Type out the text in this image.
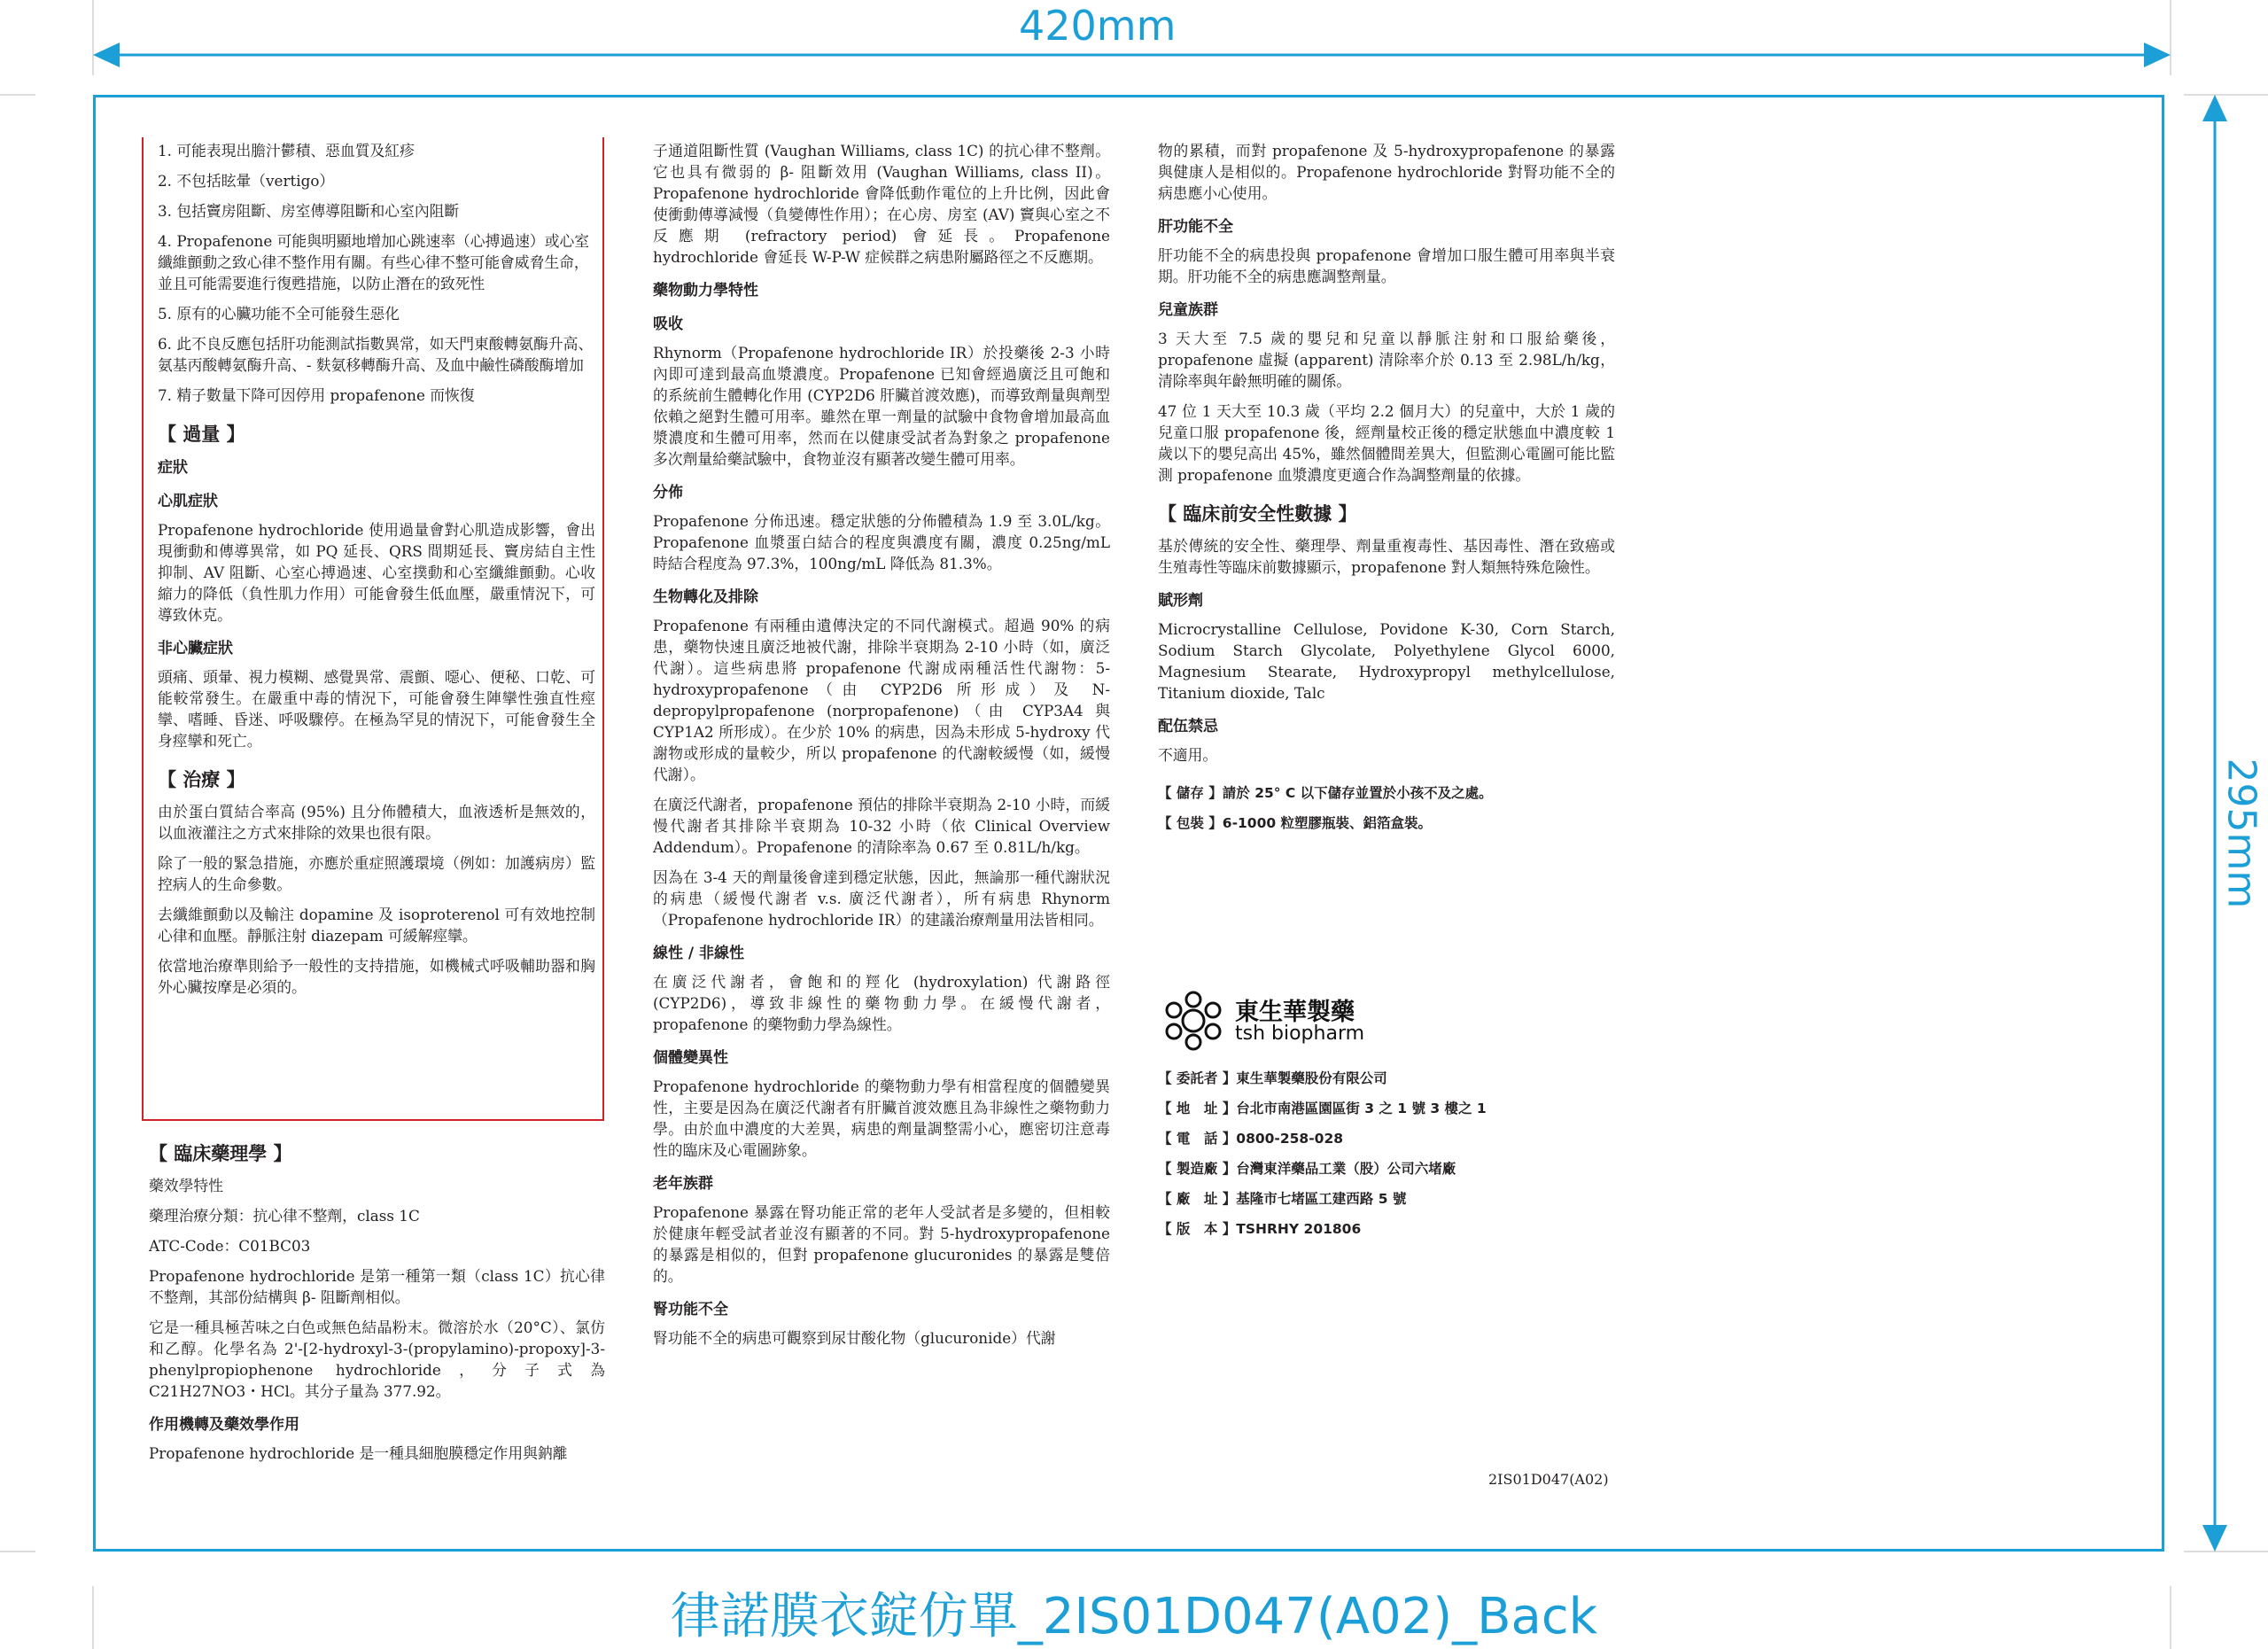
420mm
295mm
1. 可能表現出膽汁鬱積、惡血質及紅疹
2. 不包括眩暈（vertigo）
3. 包括竇房阻斷、房室傳導阻斷和心室內阻斷
4. Propafenone 可能與明顯地增加心跳速率（心搏過速）或心室纖維顫動之致心律不整作用有關。有些心律不整可能會威脅生命，並且可能需要進行復甦措施，以防止潛在的致死性
5. 原有的心臟功能不全可能發生惡化
6. 此不良反應包括肝功能測試指數異常，如天門東酸轉氨酶升高、氨基丙酸轉氨酶升高、- 麩氨移轉酶升高、及血中鹼性磷酸酶增加
7. 精子數量下降可因停用 propafenone 而恢復
【 過量 】
症狀
心肌症狀

Propafenone hydrochloride 使用過量會對心肌造成影響，會出現衝動和傳導異常，如 PQ 延長、QRS 間期延長、竇房結自主性抑制、AV 阻斷、心室心搏過速、心室撲動和心室纖維顫動。心收縮力的降低（負性肌力作用）可能會發生低血壓，嚴重情況下，可導致休克。

非心臟症狀

頭痛、頭暈、視力模糊、感覺異常、震顫、噁心、便秘、口乾、可能較常發生。在嚴重中毒的情況下，可能會發生陣攣性強直性痙攣、嗜睡、昏迷、呼吸驟停。在極為罕見的情況下，可能會發生全身痙攣和死亡。

【 治療 】

由於蛋白質結合率高 (95%) 且分佈體積大，血液透析是無效的，以血液灌注之方式來排除的效果也很有限。

除了一般的緊急措施，亦應於重症照護環境（例如：加護病房）監控病人的生命參數。

去纖維顫動以及輸注 dopamine 及 isoproterenol 可有效地控制心律和血壓。靜脈注射 diazepam 可緩解痙攣。

依當地治療準則給予一般性的支持措施，如機械式呼吸輔助器和胸外心臟按摩是必須的。

【 臨床藥理學 】

藥效學特性

藥理治療分類：抗心律不整劑，class 1C

ATC-Code：C01BC03

Propafenone hydrochloride 是第一種第一類（class 1C）抗心律不整劑，其部份結構與 β- 阻斷劑相似。

它是一種具極苦味之白色或無色結晶粉末。微溶於水（20°C）、氯仿和乙醇。化學名為 2'-[2-hydroxyl-3-(propylamino)-propoxy]-3-phenylpropiophenone hydrochloride，分子式為 C21H27NO3・HCl。其分子量為 377.92。

作用機轉及藥效學作用

Propafenone hydrochloride 是一種具細胞膜穩定作用與鈉離

子通道阻斷性質 (Vaughan Williams, class 1C) 的抗心律不整劑。它也具有微弱的 β- 阻斷效用 (Vaughan Williams, class II)。Propafenone hydrochloride 會降低動作電位的上升比例，因此會使衝動傳導減慢（負變傳性作用）；在心房、房室 (AV) 竇與心室之不反應期 (refractory period) 會延長。Propafenone hydrochloride 會延長 W-P-W 症候群之病患附屬路徑之不反應期。

藥物動力學特性
吸收

Rhynorm（Propafenone hydrochloride IR）於投藥後 2-3 小時內即可達到最高血漿濃度。Propafenone 已知會經過廣泛且可飽和的系統前生體轉化作用 (CYP2D6 肝臟首渡效應)，而導致劑量與劑型依賴之絕對生體可用率。雖然在單一劑量的試驗中食物會增加最高血漿濃度和生體可用率，然而在以健康受試者為對象之 propafenone 多次劑量給藥試驗中，食物並沒有顯著改變生體可用率。

分佈

Propafenone 分佈迅速。穩定狀態的分佈體積為 1.9 至 3.0L/kg。Propafenone 血漿蛋白結合的程度與濃度有關，濃度 0.25ng/mL 時結合程度為 97.3%，100ng/mL 降低為 81.3%。

生物轉化及排除

Propafenone 有兩種由遺傳決定的不同代謝模式。超過 90% 的病患，藥物快速且廣泛地被代謝，排除半衰期為 2-10 小時（如，廣泛代謝）。這些病患將 propafenone 代謝成兩種活性代謝物：5-hydroxypropafenone（由 CYP2D6 所形成）及 N-depropylpropafenone (norpropafenone)（由 CYP3A4 與 CYP1A2 所形成）。在少於 10% 的病患，因為未形成 5-hydroxy 代謝物或形成的量較少，所以 propafenone 的代謝較緩慢（如，緩慢代謝）。

在廣泛代謝者，propafenone 預估的排除半衰期為 2-10 小時，而緩慢代謝者其排除半衰期為 10-32 小時（依 Clinical Overview Addendum）。Propafenone 的清除率為 0.67 至 0.81L/h/kg。

因為在 3-4 天的劑量後會達到穩定狀態，因此，無論那一種代謝狀況的病患（緩慢代謝者 v.s. 廣泛代謝者），所有病患 Rhynorm（Propafenone hydrochloride IR）的建議治療劑量用法皆相同。

線性 / 非線性

在廣泛代謝者，會飽和的羥化 (hydroxylation) 代謝路徑 (CYP2D6)，導致非線性的藥物動力學。在緩慢代謝者，propafenone 的藥物動力學為線性。

個體變異性

Propafenone hydrochloride 的藥物動力學有相當程度的個體變異性，主要是因為在廣泛代謝者有肝臟首渡效應且為非線性之藥物動力學。由於血中濃度的大差異，病患的劑量調整需小心，應密切注意毒性的臨床及心電圖跡象。

老年族群

Propafenone 暴露在腎功能正常的老年人受試者是多變的，但相較於健康年輕受試者並沒有顯著的不同。對 5-hydroxypropafenone 的暴露是相似的，但對 propafenone glucuronides 的暴露是雙倍的。

腎功能不全

腎功能不全的病患可觀察到尿甘酸化物（glucuronide）代謝

物的累積，而對 propafenone 及 5-hydroxypropafenone 的暴露與健康人是相似的。Propafenone hydrochloride 對腎功能不全的病患應小心使用。

肝功能不全

肝功能不全的病患投與 propafenone 會增加口服生體可用率與半衰期。肝功能不全的病患應調整劑量。

兒童族群

3 天大至 7.5 歲的嬰兒和兒童以靜脈注射和口服給藥後，propafenone 虛擬 (apparent) 清除率介於 0.13 至 2.98L/h/kg，清除率與年齡無明確的關係。

47 位 1 天大至 10.3 歲（平均 2.2 個月大）的兒童中，大於 1 歲的兒童口服 propafenone 後，經劑量校正後的穩定狀態血中濃度較 1 歲以下的嬰兒高出 45%，雖然個體間差異大，但監測心電圖可能比監測 propafenone 血漿濃度更適合作為調整劑量的依據。

【 臨床前安全性數據 】

基於傳統的安全性、藥理學、劑量重複毒性、基因毒性、潛在致癌或生殖毒性等臨床前數據顯示，propafenone 對人類無特殊危險性。

賦形劑

Microcrystalline Cellulose, Povidone K-30, Corn Starch, Sodium Starch Glycolate, Polyethylene Glycol 6000, Magnesium Stearate, Hydroxypropyl methylcellulose, Titanium dioxide, Talc

配伍禁忌

不適用。

【 儲存 】請於 25° C 以下儲存並置於小孩不及之處。
【 包裝 】6-1000 粒塑膠瓶裝、鋁箔盒裝。
東生華製藥
tsh biopharm
【 委託者 】東生華製藥股份有限公司
【 地　址 】台北市南港區園區街 3 之 1 號 3 樓之 1
【 電　話 】0800-258-028
【 製造廠 】台灣東洋藥品工業（股）公司六堵廠
【 廠　址 】基隆市七堵區工建西路 5 號
【 版　本 】TSHRHY 201806
2IS01D047(A02)
律諾膜衣錠仿單_2IS01D047(A02)_Back
